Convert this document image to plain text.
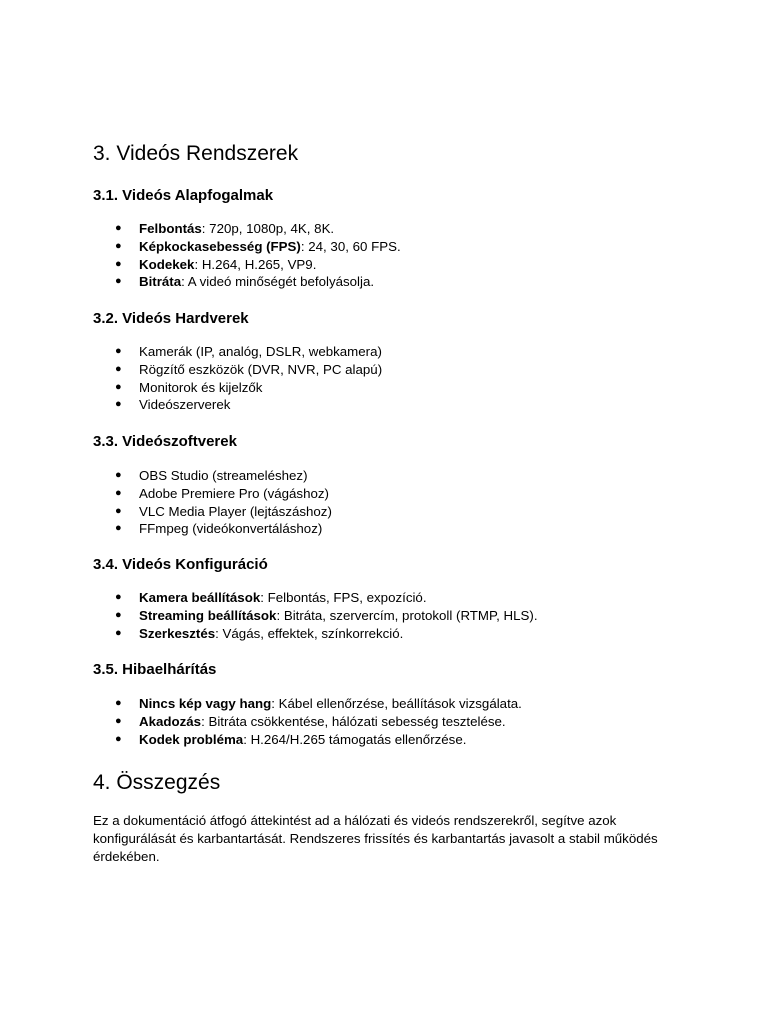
3. Videós Rendszerek
3.1. Videós Alapfogalmak
● Felbontás: 720p, 1080p, 4K, 8K.
● Képkockasebesség (FPS): 24, 30, 60 FPS.
● Kodekek: H.264, H.265, VP9.
● Bitráta: A videó minőségét befolyásolja.
3.2. Videós Hardverek
● Kamerák (IP, analóg, DSLR, webkamera)
● Rögzítő eszközök (DVR, NVR, PC alapú)
● Monitorok és kijelzők
● Videószerverek
3.3. Videószoftverek
● OBS Studio (streameléshez)
● Adobe Premiere Pro (vágáshoz)
● VLC Media Player (lejtászáshoz)
● FFmpeg (videókonvertáláshoz)
3.4. Videós Konfiguráció
● Kamera beállítások: Felbontás, FPS, expozíció.
● Streaming beállítások: Bitráta, szervercím, protokoll (RTMP, HLS).
● Szerkesztés: Vágás, effektek, színkorrekció.
3.5. Hibaelhárítás
● Nincs kép vagy hang: Kábel ellenőrzése, beállítások vizsgálata.
● Akadozás: Bitráta csökkentése, hálózati sebesség tesztelése.
● Kodek probléma: H.264/H.265 támogatás ellenőrzése.
4. Összegzés

Ez a dokumentáció átfogó áttekintést ad a hálózati és videós rendszerekről, segítve azok konfigurálását és karbantartását. Rendszeres frissítés és karbantartás javasolt a stabil működés érdekében.
